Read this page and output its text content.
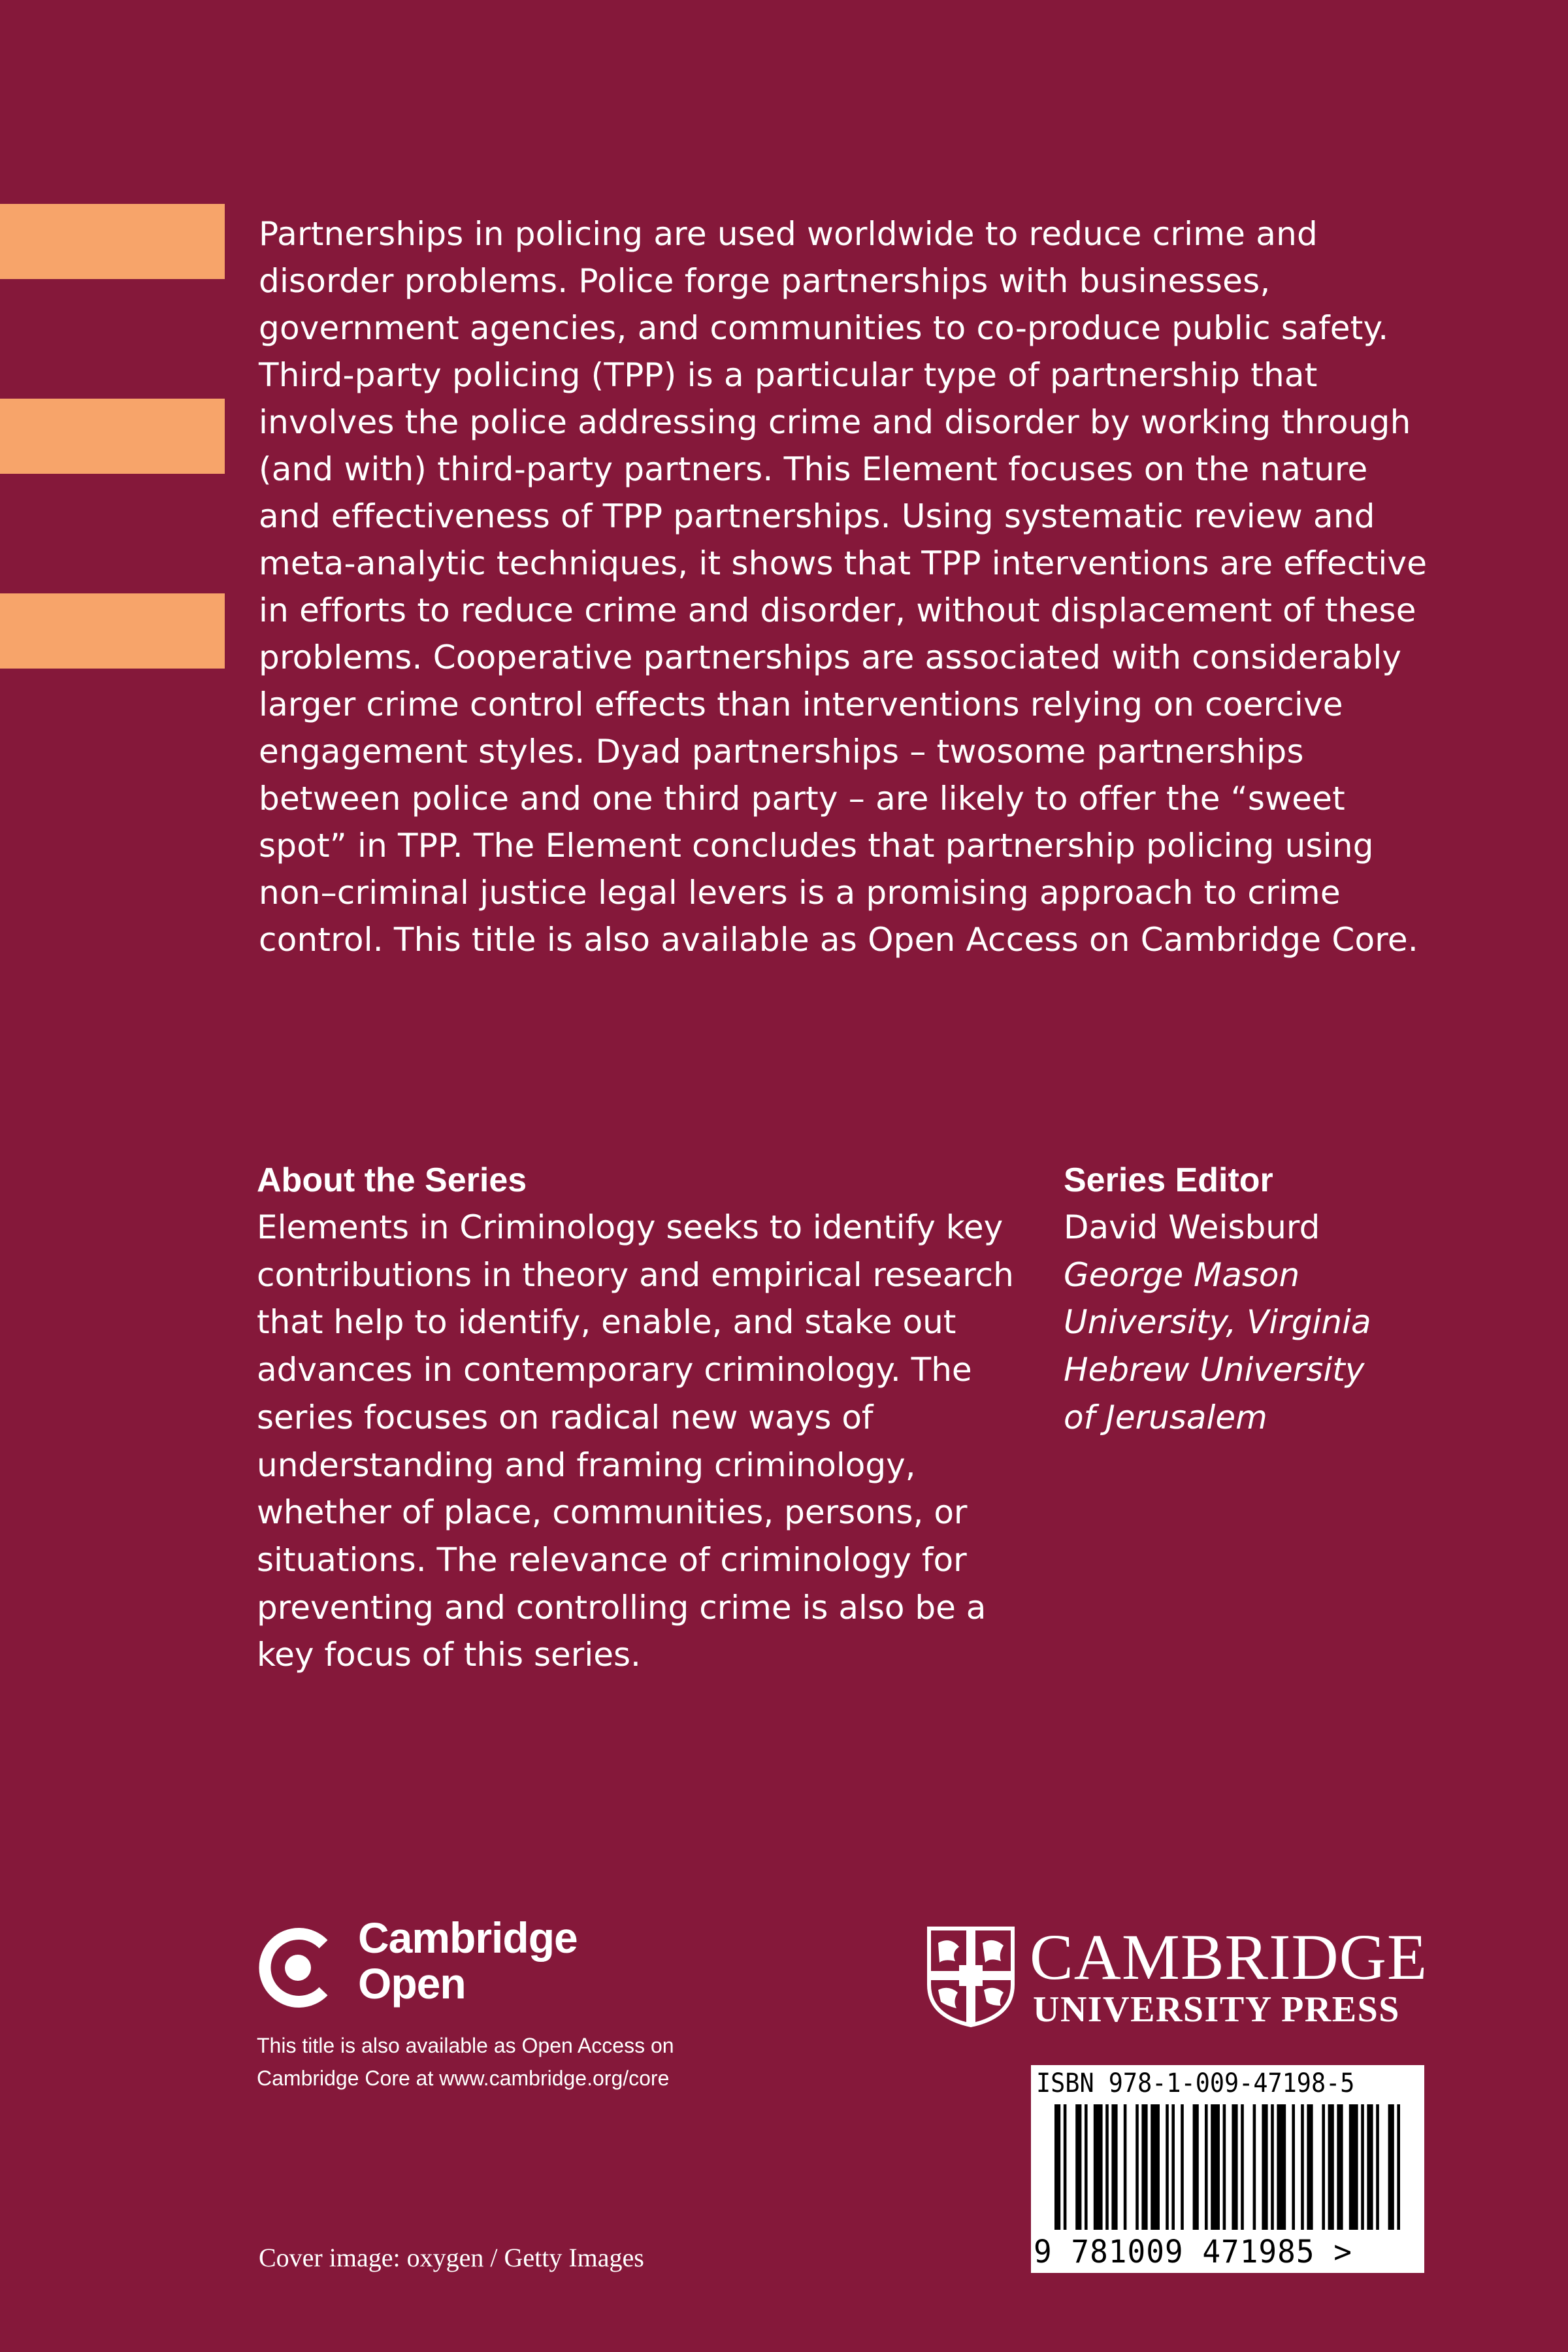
Partnerships in policing are used worldwide to reduce crime and disorder problems. Police forge partnerships with businesses, government agencies, and communities to co-produce public safety. Third-party policing (TPP) is a particular type of partnership that involves the police addressing crime and disorder by working through (and with) third-party partners. This Element focuses on the nature and effectiveness of TPP partnerships. Using systematic review and meta-analytic techniques, it shows that TPP interventions are effective in efforts to reduce crime and disorder, without displacement of these problems. Cooperative partnerships are associated with considerably larger crime control effects than interventions relying on coercive engagement styles. Dyad partnerships – twosome partnerships between police and one third party – are likely to offer the “sweet spot” in TPP. The Element concludes that partnership policing using non–criminal justice legal levers is a promising approach to crime control. This title is also available as Open Access on Cambridge Core.

About the Series

Elements in Criminology seeks to identify key contributions in theory and empirical research that help to identify, enable, and stake out advances in contemporary criminology. The series focuses on radical new ways of understanding and framing criminology, whether of place, communities, persons, or situations. The relevance of criminology for preventing and controlling crime is also be a key focus of this series.

Series Editor

David Weisburd

George Mason

University, Virginia

Hebrew University

of Jerusalem

Cambridge
Open
This title is also available as Open Access on
Cambridge Core at www.cambridge.org/core
CAMBRIDGE
UNIVERSITY PRESS
ISBN 978-1-009-47198-5
9 781009 471985 >

Cover image: oxygen / Getty Images
